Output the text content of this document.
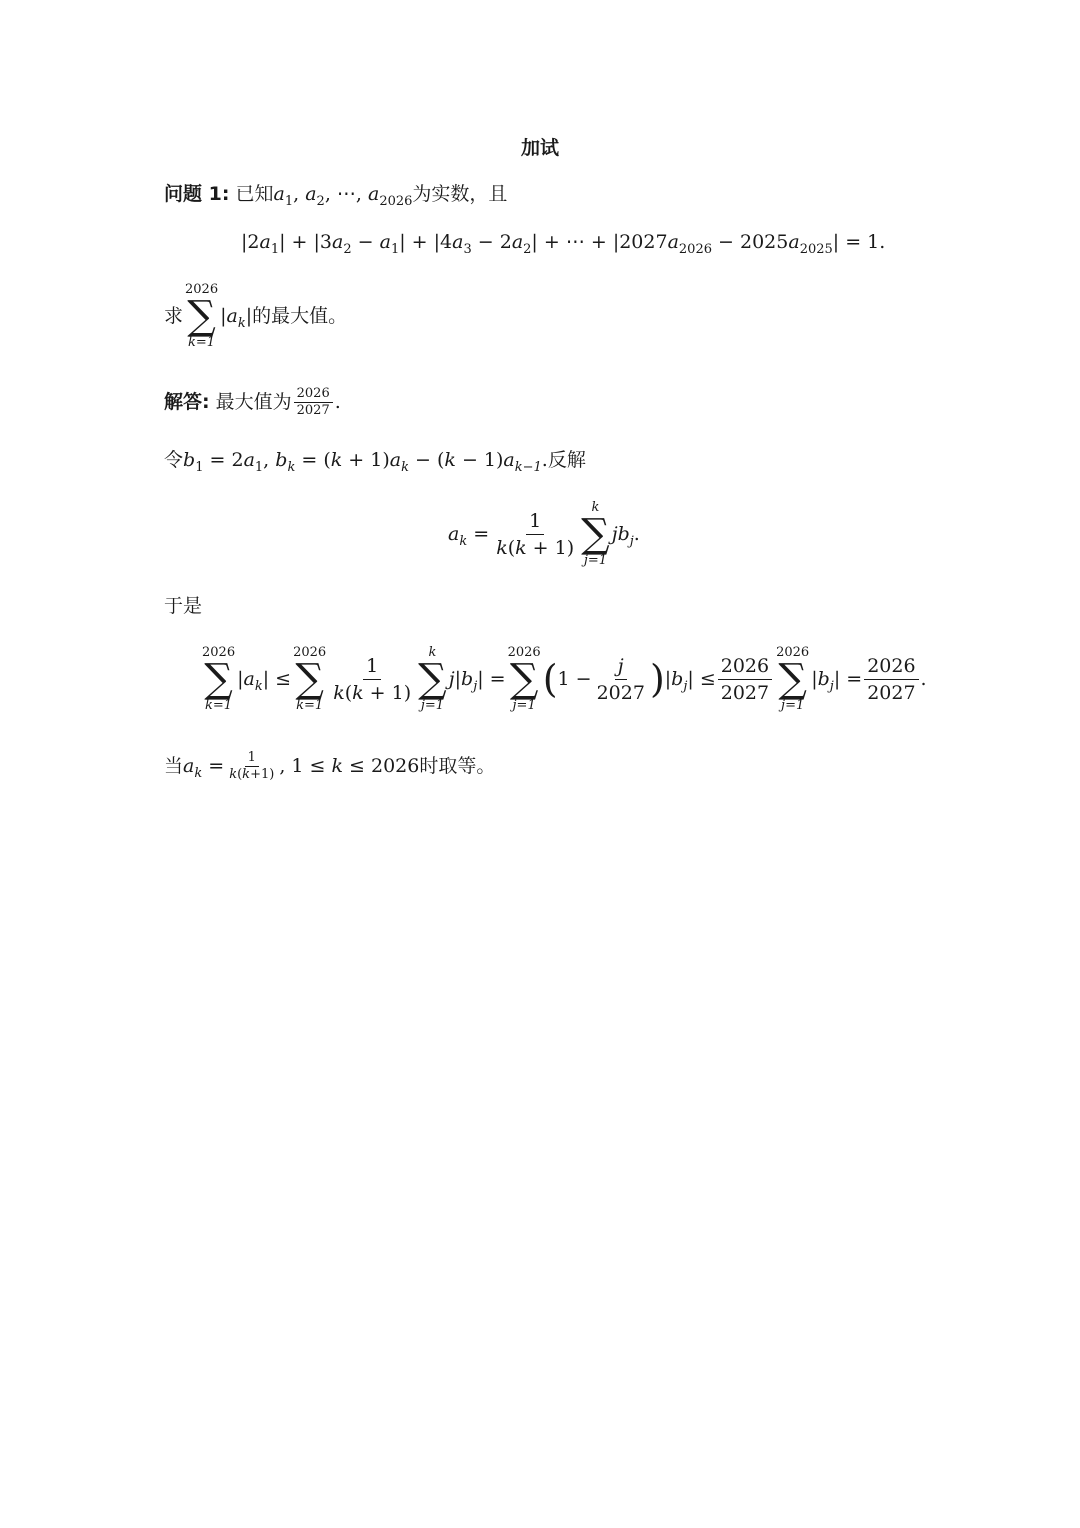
加试
问题 1: 已知$a_1$, $a_2$, ⋯, $a_{2026}$为实数，且
$|2a_1| + |3a_2 - a_1| + |4a_3 - 2a_2|$ + ⋯ + $|2027a_{2026} - 2025a_{2025}| = 1$.
求
2026
∑
k=1
$|a_k|$ 的最大值。
解答: 最大值为 $\frac{2026}{2027}$ .
令$b_1 = 2a_1$, $b_k = (k + 1)a_k - (k - 1)a_{k-1}$.反解
$a_k = \frac{1}{k(k + 1)}$ k
∑
j=1
$jb_j$.
于是
2026
∑
k=1
$|a_k|$ ≤
2026
∑
$k=1 \frac{1}{k(k + 1)}$ k
∑
j=1
$j|b_j|$ =
2026
∑
j=1
( $1 - \frac{j}{2027}$ ) $|b_j| \le \frac{2026}{2027} 2026$
∑
j=1
$|b_j| = \frac{2026}{2027}$ .
当 $a_k = \frac{1}{k(k+1)}$ , 1 ≤ k ≤ 2026 时取等。
